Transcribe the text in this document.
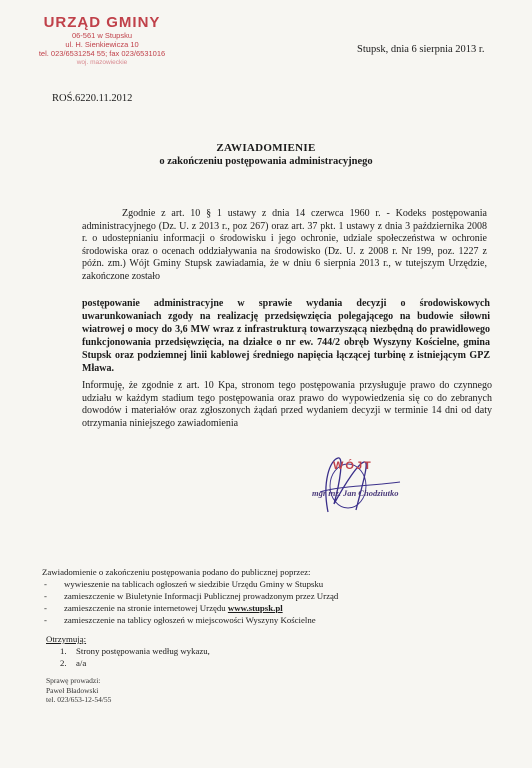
URZĄD GMINY
06-561 w Stupsku
ul. H. Sienkiewicza 10
tel. 023/6531254 55; fax 023/6531016
woj. mazowieckie
Stupsk, dnia 6 sierpnia 2013 r.
ROŚ.6220.11.2012
ZAWIADOMIENIE
o zakończeniu postępowania administracyjnego
Zgodnie z art. 10 § 1 ustawy z dnia 14 czerwca 1960 r. - Kodeks postępowania administracyjnego (Dz. U. z 2013 r., poz 267) oraz art. 37 pkt. 1 ustawy z dnia 3 października 2008 r. o udostepnianiu informacji o środowisku i jego ochronie, udziale społeczeństwa w ochronie środowiska oraz o ocenach oddziaływania na środowisko (Dz. U. z 2008 r. Nr 199, poz. 1227 z późn. zm.) Wójt Gminy Stupsk zawiadamia, że w dniu 6 sierpnia 2013 r., w tutejszym Urzędzie, zakończone zostało
postępowanie administracyjne w sprawie wydania decyzji o środowiskowych uwarunkowaniach zgody na realizację przedsięwzięcia polegającego na budowie siłowni wiatrowej o mocy do 3,6 MW wraz z infrastrukturą towarzyszącą niezbędną do prawidłowego funkcjonowania przedsięwzięcia, na działce o nr ew. 744/2 obręb Wyszyny Kościelne, gmina Stupsk oraz podziemnej linii kablowej średniego napięcia łączącej turbinę z istniejącym GPZ Mława.
Informuję, że zgodnie z art. 10 Kpa, stronom tego postępowania przysługuje prawo do czynnego udziału w każdym stadium tego postępowania oraz prawo do wypowiedzenia się co do zebranych dowodów i materiałów oraz zgłoszonych żądań przed wydaniem decyzji w terminie 14 dni od daty otrzymania niniejszego zawiadomienia
WÓJT
mgr inż. Jan Chodziutko
Zawiadomienie o zakończeniu postępowania podano do publicznej poprzez:
- wywieszenie na tablicach ogłoszeń w siedzibie Urzędu Gminy w Stupsku
- zamieszczenie w Biuletynie Informacji Publicznej prowadzonym przez Urząd
- zamieszczenie na stronie internetowej Urzędu www.stupsk.pl
- zamieszczenie na tablicy ogłoszeń w miejscowości Wyszyny Kościelne
Otrzymują:
1. Strony postępowania według wykazu,
2. a/a
Sprawę prowadzi:
Paweł Bładowski
tel. 023/653-12-54/55
